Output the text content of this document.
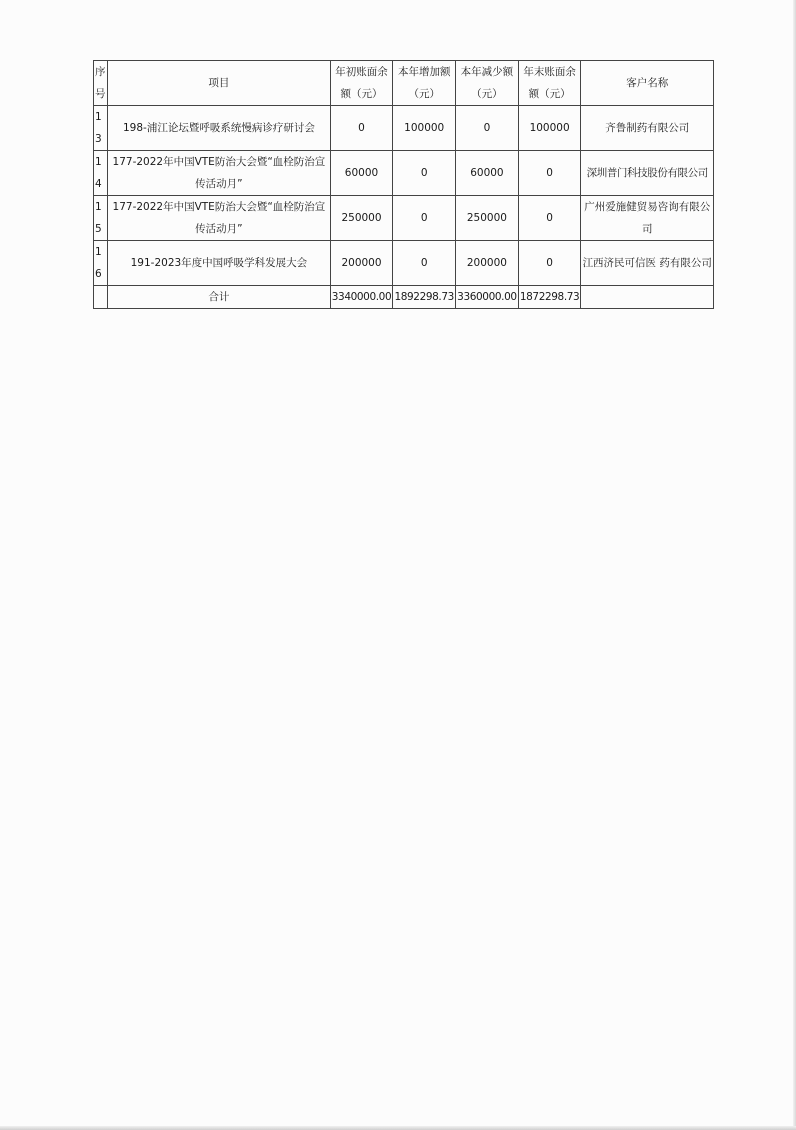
序号	项目	年初账面余额（元）	本年增加额（元）	本年减少额（元）	年末账面余额（元）	客户名称
13	198-浦江论坛暨呼吸系统慢病诊疗研讨会	0	100000	0	100000	齐鲁制药有限公司
14	177-2022年中国VTE防治大会暨“血栓防治宣传活动月”	60000	0	60000	0	深圳普门科技股份有限公司
15	177-2022年中国VTE防治大会暨“血栓防治宣传活动月”	250000	0	250000	0	广州爱施健贸易咨询有限公司
16	191-2023年度中国呼吸学科发展大会	200000	0	200000	0	江西济民可信医 药有限公司
	合计	3340000.00	1892298.73	3360000.00	1872298.73	
